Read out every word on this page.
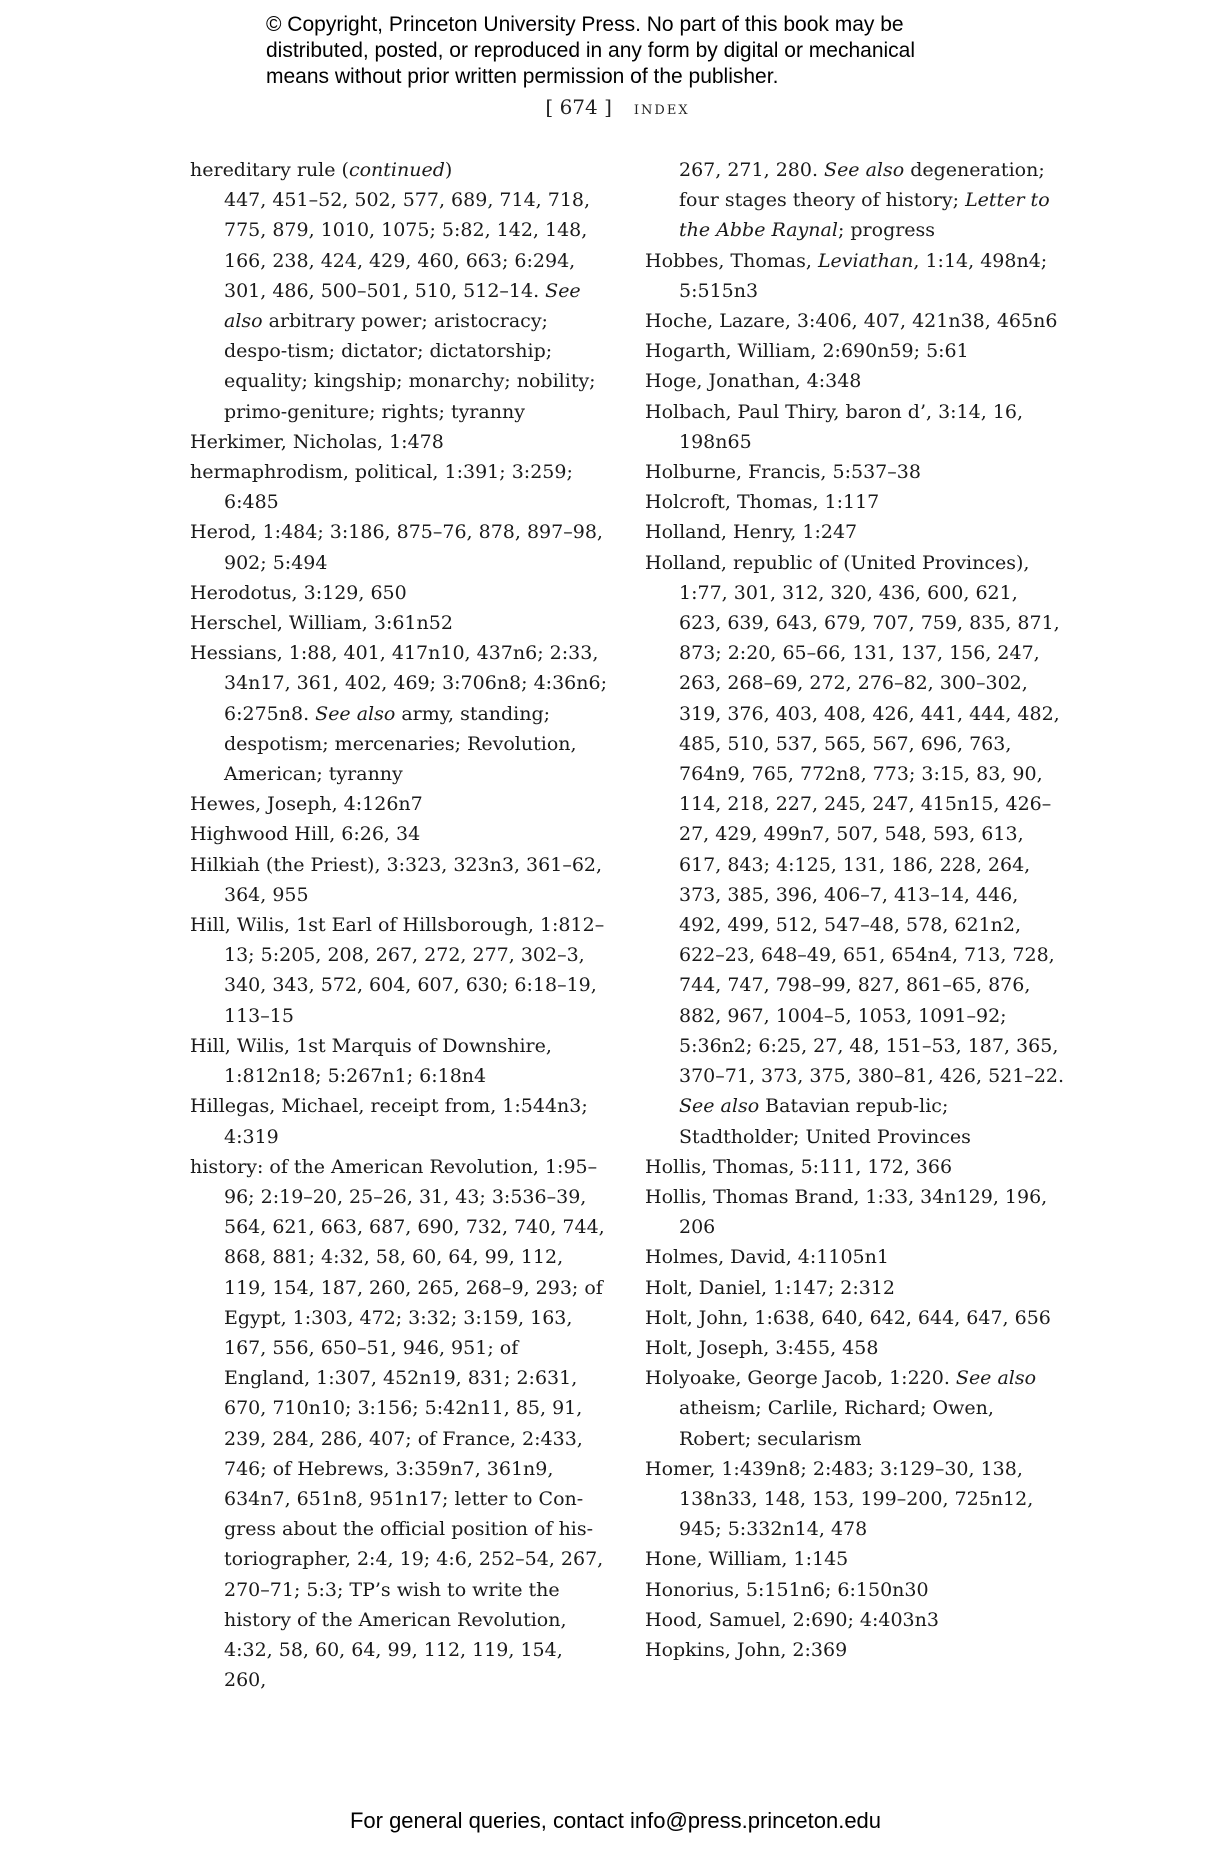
© Copyright, Princeton University Press. No part of this book may be
distributed, posted, or reproduced in any form by digital or mechanical
means without prior written permission of the publisher.
[ 674 ] index

hereditary rule (continued)
447, 451–52, 502, 577, 689, 714, 718, 775, 879, 1010, 1075; 5:82, 142, 148, 166, 238, 424, 429, 460, 663; 6:294, 301, 486, 500–501, 510, 512–14. See also arbitrary power; aristocracy; despo-tism; dictator; dictatorship; equality; kingship; monarchy; nobility; primo-geniture; rights; tyranny

Herkimer, Nicholas, 1:478

hermaphrodism, political, 1:391; 3:259; 6:485

Herod, 1:484; 3:186, 875–76, 878, 897–98, 902; 5:494

Herodotus, 3:129, 650

Herschel, William, 3:61n52

Hessians, 1:88, 401, 417n10, 437n6; 2:33, 34n17, 361, 402, 469; 3:706n8; 4:36n6; 6:275n8. See also army, standing; despotism; mercenaries; Revolution, American; tyranny

Hewes, Joseph, 4:126n7

Highwood Hill, 6:26, 34

Hilkiah (the Priest), 3:323, 323n3, 361–62, 364, 955

Hill, Wilis, 1st Earl of Hillsborough, 1:812–13; 5:205, 208, 267, 272, 277, 302–3, 340, 343, 572, 604, 607, 630; 6:18–19, 113–15

Hill, Wilis, 1st Marquis of Downshire, 1:812n18; 5:267n1; 6:18n4

Hillegas, Michael, receipt from, 1:544n3; 4:319

history: of the American Revolution, 1:95–96; 2:19–20, 25–26, 31, 43; 3:536–39, 564, 621, 663, 687, 690, 732, 740, 744, 868, 881; 4:32, 58, 60, 64, 99, 112, 119, 154, 187, 260, 265, 268–9, 293; of Egypt, 1:303, 472; 3:32; 3:159, 163, 167, 556, 650–51, 946, 951; of England, 1:307, 452n19, 831; 2:631, 670, 710n10; 3:156; 5:42n11, 85, 91, 239, 284, 286, 407; of France, 2:433, 746; of Hebrews, 3:359n7, 361n9, 634n7, 651n8, 951n17; letter to Con-gress about the official position of his-toriographer, 2:4, 19; 4:6, 252–54, 267, 270–71; 5:3; TP’s wish to write the history of the American Revolution, 4:32, 58, 60, 64, 99, 112, 119, 154, 260,

267, 271, 280. See also degeneration; four stages theory of history; Letter to the Abbe Raynal; progress

Hobbes, Thomas, Leviathan, 1:14, 498n4; 5:515n3

Hoche, Lazare, 3:406, 407, 421n38, 465n6

Hogarth, William, 2:690n59; 5:61

Hoge, Jonathan, 4:348

Holbach, Paul Thiry, baron d’, 3:14, 16, 198n65

Holburne, Francis, 5:537–38

Holcroft, Thomas, 1:117

Holland, Henry, 1:247

Holland, republic of (United Provinces), 1:77, 301, 312, 320, 436, 600, 621, 623, 639, 643, 679, 707, 759, 835, 871, 873; 2:20, 65–66, 131, 137, 156, 247, 263, 268–69, 272, 276–82, 300–302, 319, 376, 403, 408, 426, 441, 444, 482, 485, 510, 537, 565, 567, 696, 763, 764n9, 765, 772n8, 773; 3:15, 83, 90, 114, 218, 227, 245, 247, 415n15, 426–27, 429, 499n7, 507, 548, 593, 613, 617, 843; 4:125, 131, 186, 228, 264, 373, 385, 396, 406–7, 413–14, 446, 492, 499, 512, 547–48, 578, 621n2, 622–23, 648–49, 651, 654n4, 713, 728, 744, 747, 798–99, 827, 861–65, 876, 882, 967, 1004–5, 1053, 1091–92; 5:36n2; 6:25, 27, 48, 151–53, 187, 365, 370–71, 373, 375, 380–81, 426, 521–22. See also Batavian repub-lic; Stadtholder; United Provinces

Hollis, Thomas, 5:111, 172, 366

Hollis, Thomas Brand, 1:33, 34n129, 196, 206

Holmes, David, 4:1105n1

Holt, Daniel, 1:147; 2:312

Holt, John, 1:638, 640, 642, 644, 647, 656

Holt, Joseph, 3:455, 458

Holyoake, George Jacob, 1:220. See also atheism; Carlile, Richard; Owen, Robert; secularism

Homer, 1:439n8; 2:483; 3:129–30, 138, 138n33, 148, 153, 199–200, 725n12, 945; 5:332n14, 478

Hone, William, 1:145

Honorius, 5:151n6; 6:150n30

Hood, Samuel, 2:690; 4:403n3

Hopkins, John, 2:369

For general queries, contact info@press.princeton.edu
